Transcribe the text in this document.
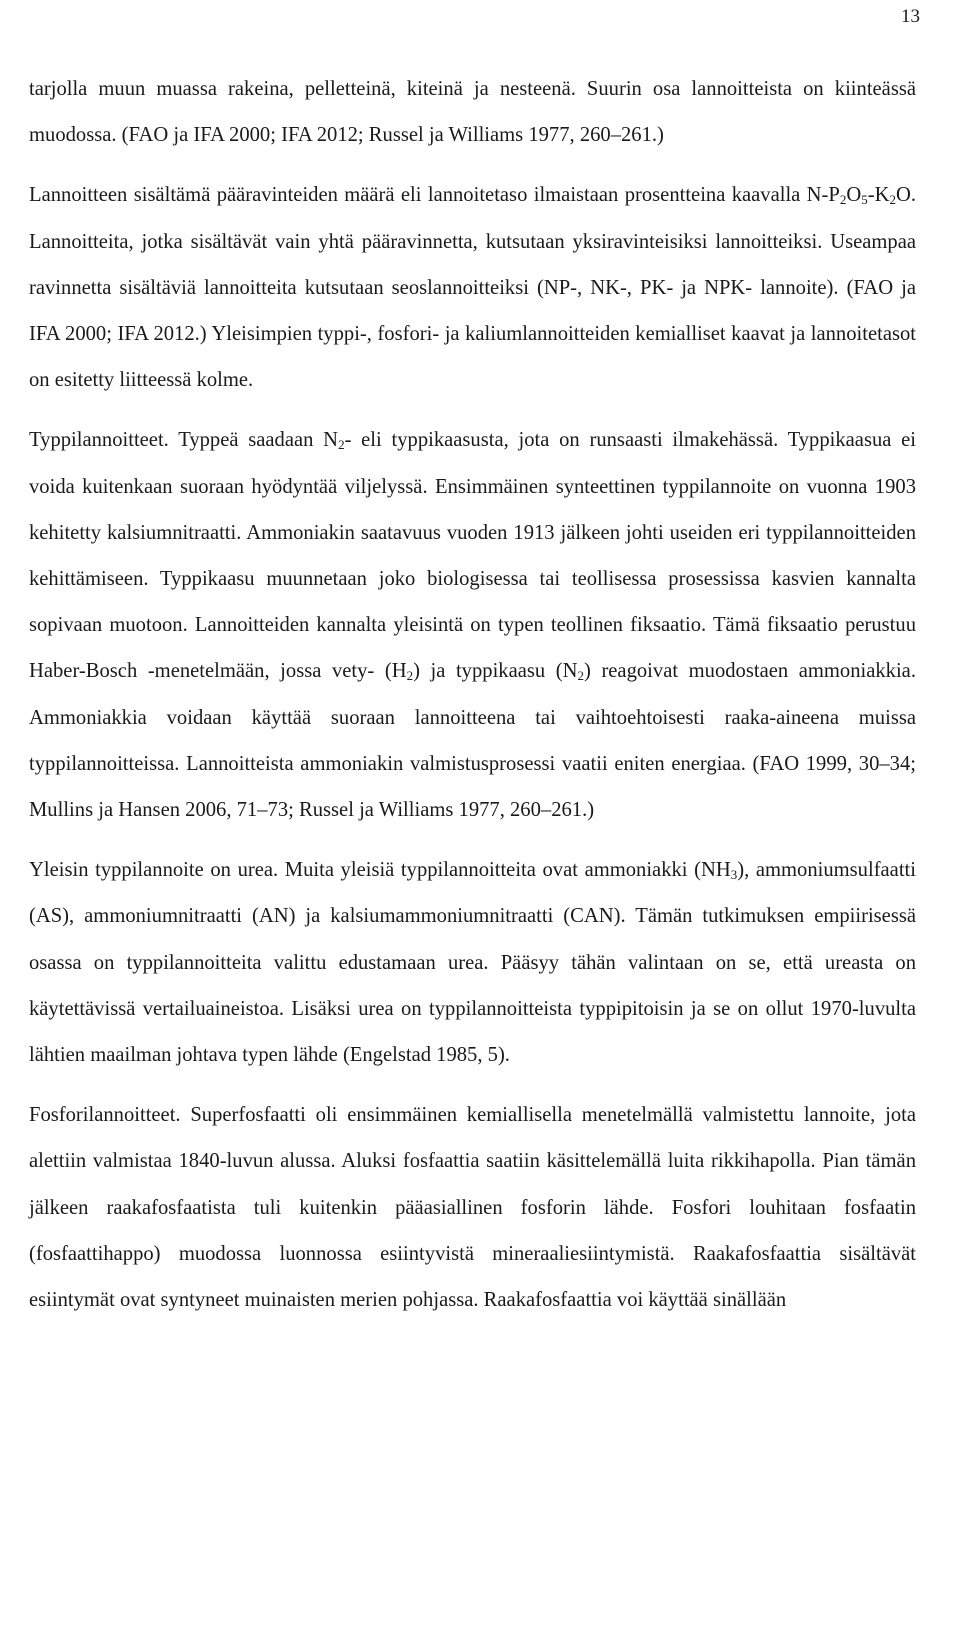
13

tarjolla muun muassa rakeina, pelletteinä, kiteinä ja nesteenä. Suurin osa lannoitteista on kiinteässä muodossa. (FAO ja IFA 2000; IFA 2012; Russel ja Williams 1977, 260–261.)

Lannoitteen sisältämä pääravinteiden määrä eli lannoitetaso ilmaistaan prosentteina kaavalla $N-P_2O_5-K_2O$. Lannoitteita, jotka sisältävät vain yhtä pääravinnetta, kutsutaan yksiravinteisiksi lannoitteiksi. Useampaa ravinnetta sisältäviä lannoitteita kutsutaan seoslannoitteiksi (NP-, NK-, PK- ja NPK- lannoite). (FAO ja IFA 2000; IFA 2012.) Yleisimpien typpi-, fosfori- ja kaliumlannoitteiden kemialliset kaavat ja lannoitetasot on esitetty liitteessä kolme.

Typpilannoitteet. Typpeä saadaan $N_2-$ eli typpikaasusta, jota on runsaasti ilmakehässä. Typpikaasua ei voida kuitenkaan suoraan hyödyntää viljelyssä. Ensimmäinen synteettinen typpilannoite on vuonna 1903 kehitetty kalsiumnitraatti. Ammoniakin saatavuus vuoden 1913 jälkeen johti useiden eri typpilannoitteiden kehittämiseen. Typpikaasu muunnetaan joko biologisessa tai teollisessa prosessissa kasvien kannalta sopivaan muotoon. Lannoitteiden kannalta yleisintä on typen teollinen fiksaatio. Tämä fiksaatio perustuu Haber-Bosch -menetelmään, jossa vety- $(H_2)$ ja typpikaasu $(N_2)$ reagoivat muodostaen ammoniakkia. Ammoniakkia voidaan käyttää suoraan lannoitteena tai vaihtoehtoisesti raaka-aineena muissa typpilannoitteissa. Lannoitteista ammoniakin valmistusprosessi vaatii eniten energiaa. (FAO 1999, 30–34; Mullins ja Hansen 2006, 71–73; Russel ja Williams 1977, 260–261.)

Yleisin typpilannoite on urea. Muita yleisiä typpilannoitteita ovat ammoniakki $(NH_3)$, ammoniumsulfaatti (AS), ammoniumnitraatti (AN) ja kalsiumammoniumnitraatti (CAN). Tämän tutkimuksen empiirisessä osassa on typpilannoitteita valittu edustamaan urea. Pääsyy tähän valintaan on se, että ureasta on käytettävissä vertailuaineistoa. Lisäksi urea on typpilannoitteista typpipitoisin ja se on ollut 1970-luvulta lähtien maailman johtava typen lähde (Engelstad 1985, 5).

Fosforilannoitteet. Superfosfaatti oli ensimmäinen kemiallisella menetelmällä valmistettu lannoite, jota alettiin valmistaa 1840-luvun alussa. Aluksi fosfaattia saatiin käsittelemällä luita rikkihapolla. Pian tämän jälkeen raakafosfaatista tuli kuitenkin pääasiallinen fosforin lähde. Fosfori louhitaan fosfaatin (fosfaattihappo) muodossa luonnossa esiintyvistä mineraaliesiintymistä. Raakafosfaattia sisältävät esiintymät ovat syntyneet muinaisten merien pohjassa. Raakafosfaattia voi käyttää sinällään
